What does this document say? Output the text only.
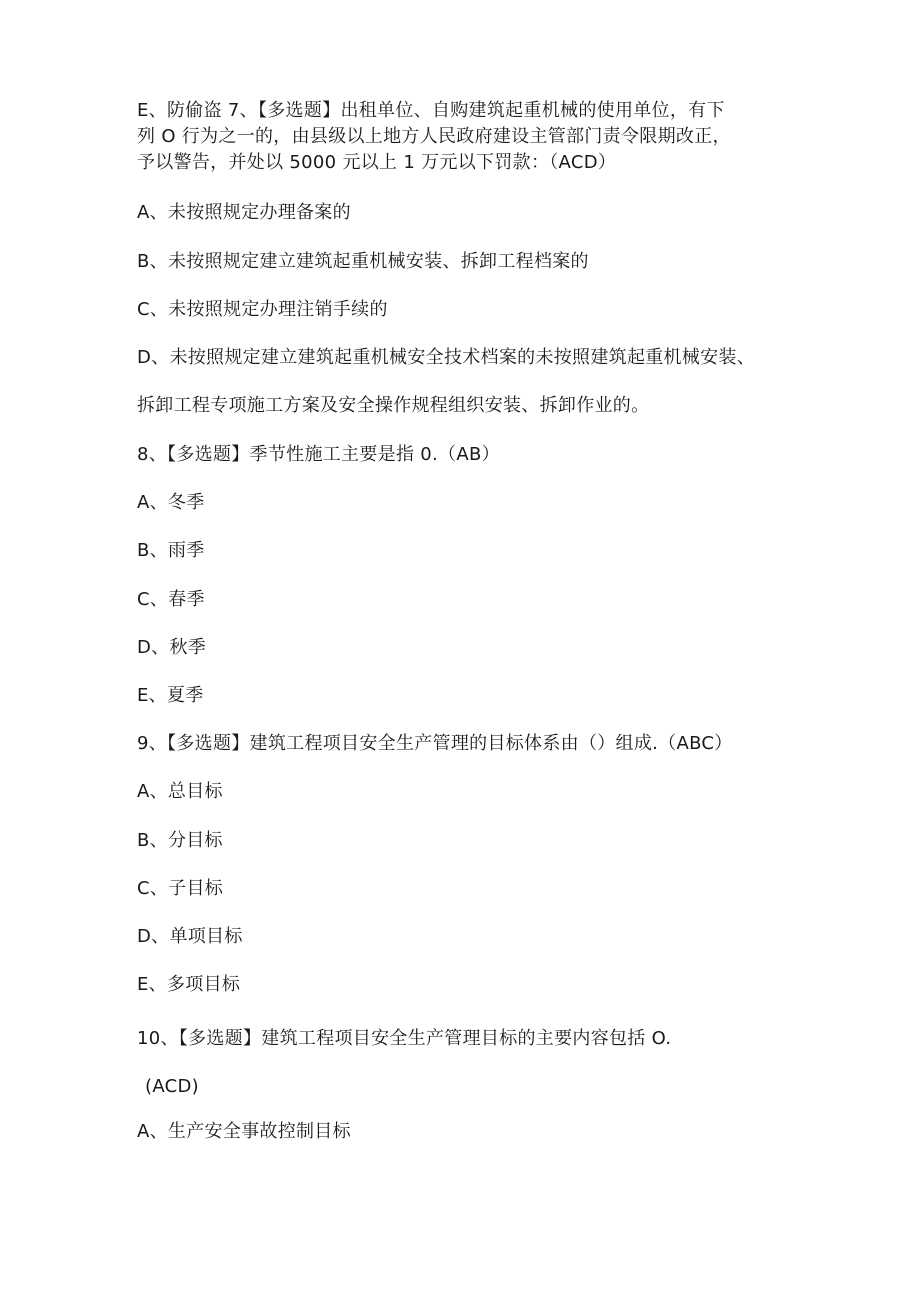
E、防偷盗 7、【多选题】出租单位、自购建筑起重机械的使用单位，有下
列 O 行为之一的，由县级以上地方人民政府建设主管部门责令限期改正，
予以警告，并处以 5000 元以上 1 万元以下罚款：（ACD）
A、未按照规定办理备案的
B、未按照规定建立建筑起重机械安装、拆卸工程档案的
C、未按照规定办理注销手续的
D、未按照规定建立建筑起重机械安全技术档案的未按照建筑起重机械安装、
拆卸工程专项施工方案及安全操作规程组织安装、拆卸作业的。
8、【多选题】季节性施工主要是指 0.（AB）
A、冬季
B、雨季
C、春季
D、秋季
E、夏季
9、【多选题】建筑工程项目安全生产管理的目标体系由（）组成.（ABC）
A、总目标
B、分目标
C、子目标
D、单项目标
E、多项目标
10、【多选题】建筑工程项目安全生产管理目标的主要内容包括 O.
(ACD)
A、生产安全事故控制目标
